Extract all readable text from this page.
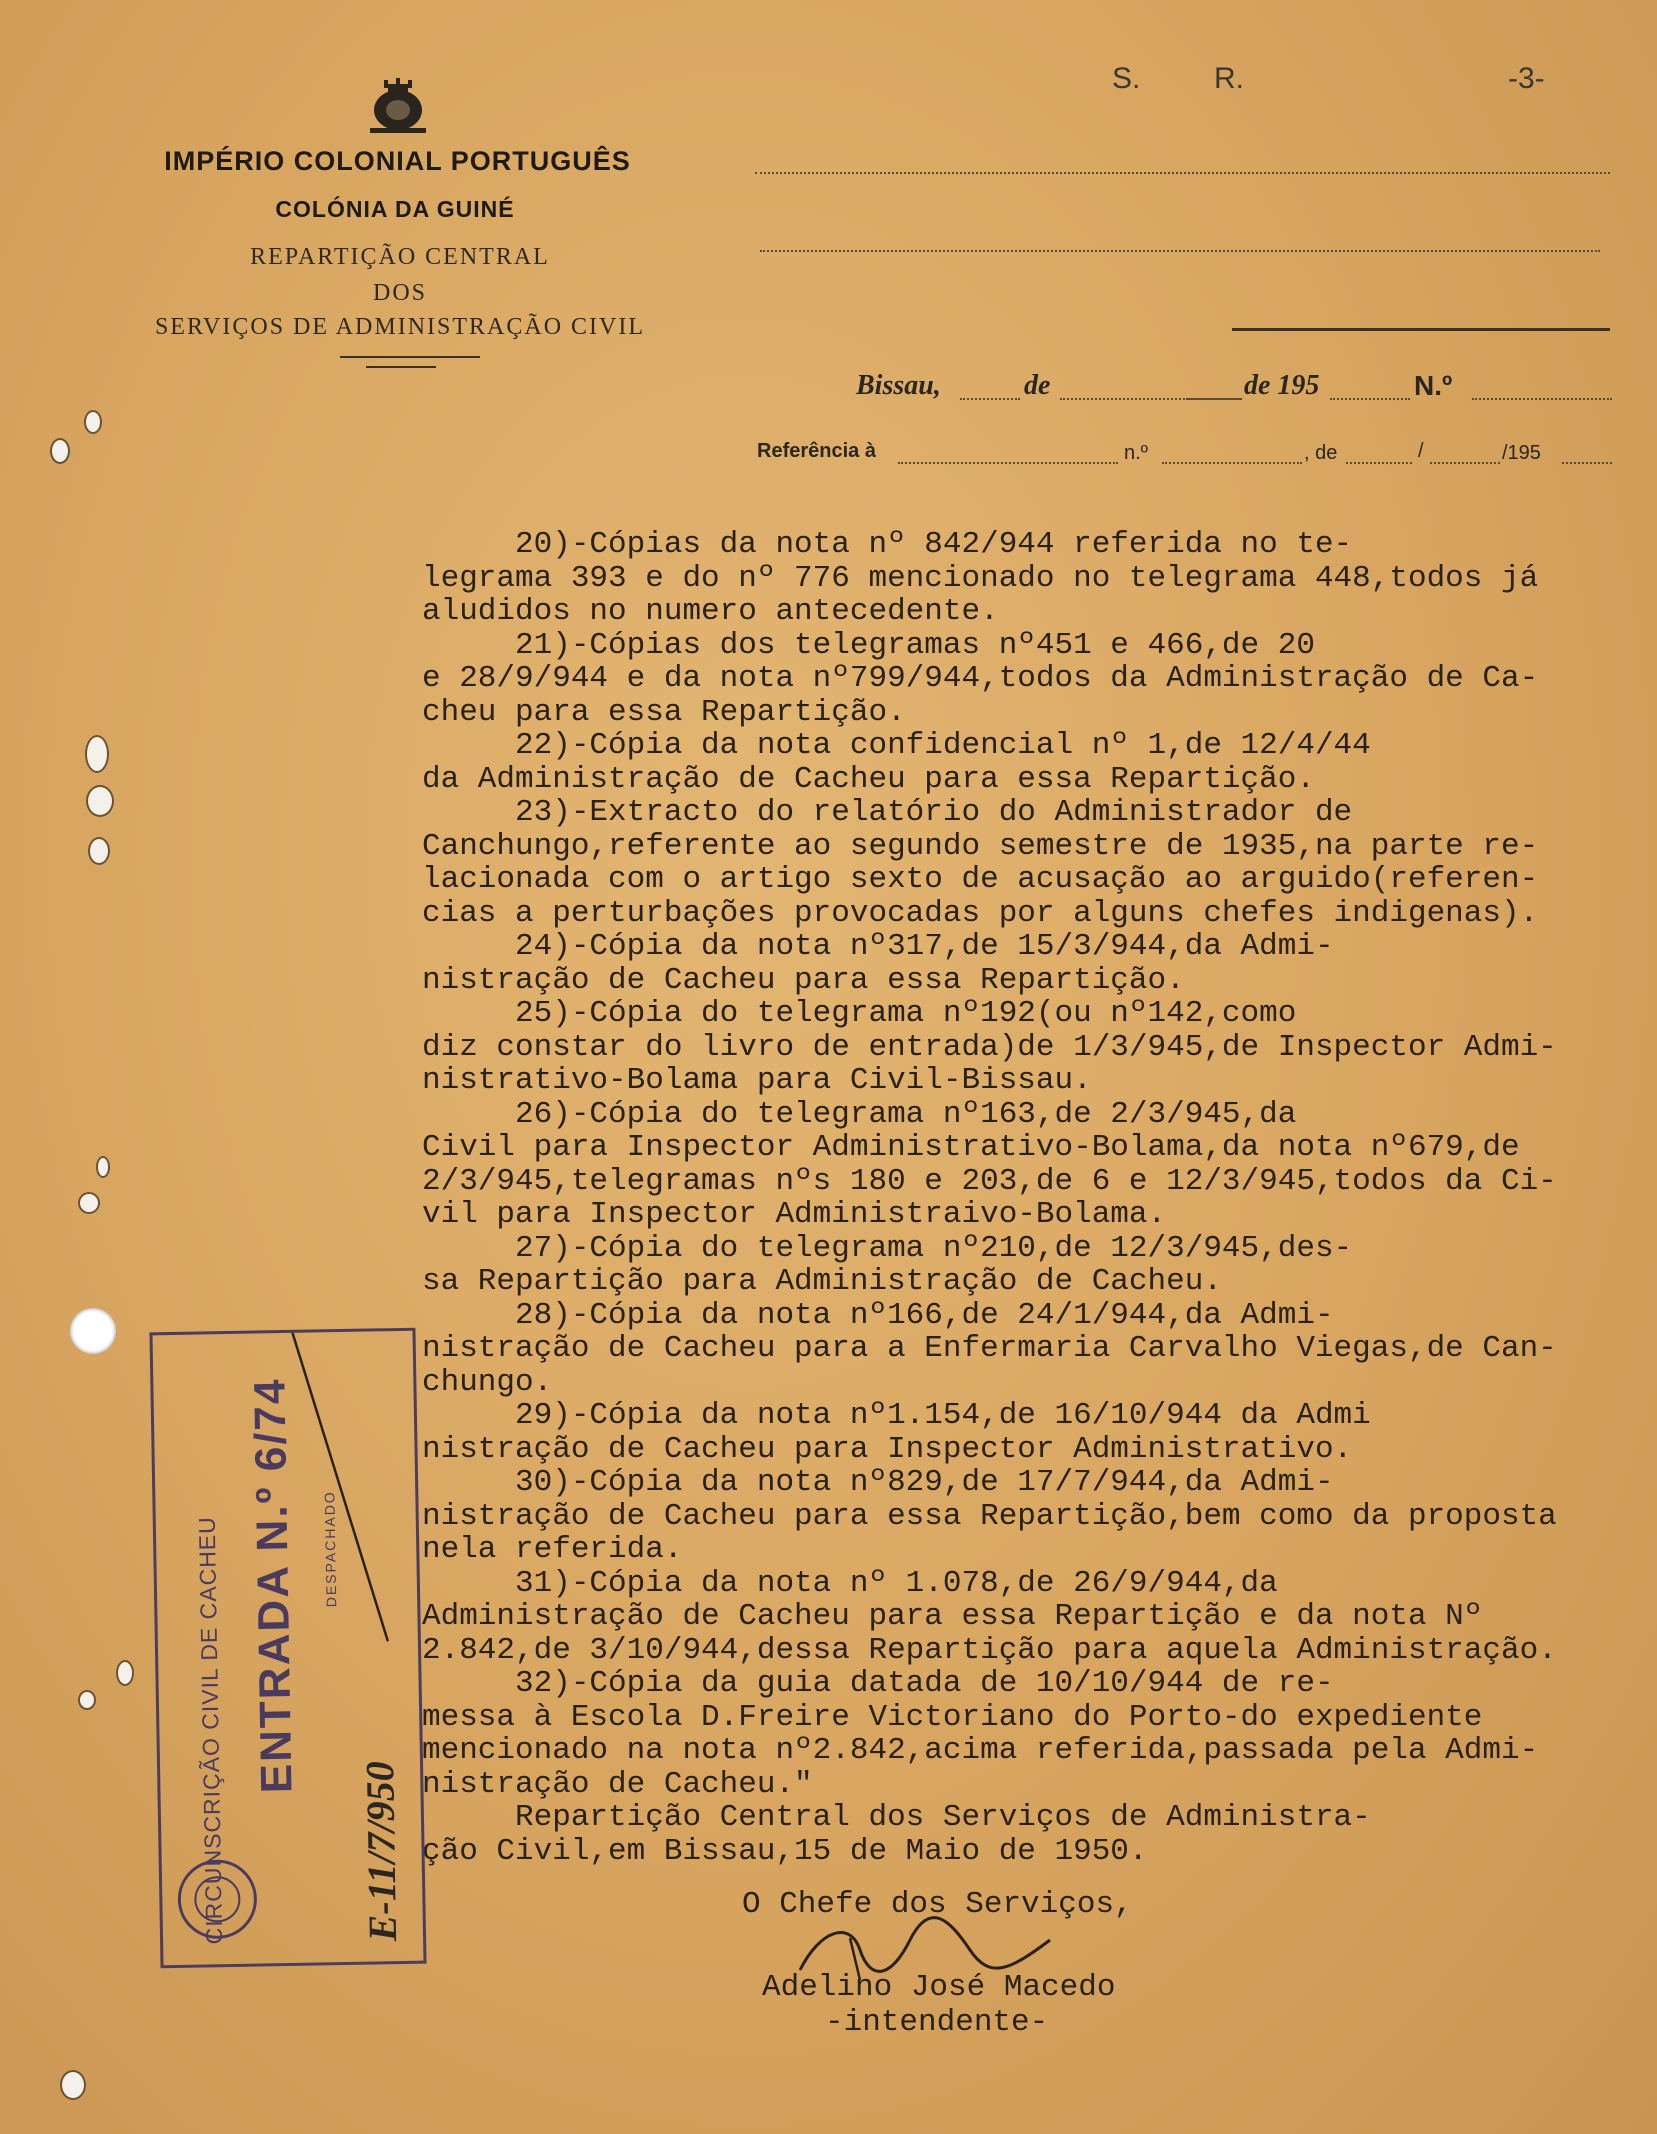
IMPÉRIO COLONIAL PORTUGUÊS
COLÓNIA DA GUINÉ
REPARTIÇÃO CENTRAL
DOS
SERVIÇOS DE ADMINISTRAÇÃO CIVIL
S. R.	-3-
Bissau,	de	de 195	N.º
Referência à	n.º	, de	/	/195
20)-Cópias da nota nº 842/944 referida no te-
legrama 393 e do nº 776 mencionado no telegrama 448,todos já
aludidos no numero antecedente.
21)-Cópias dos telegramas nº451 e 466,de 20
e 28/9/944 e da nota nº799/944,todos da Administração de Ca-
cheu para essa Repartição.
22)-Cópia da nota confidencial nº 1,de 12/4/44
da Administração de Cacheu para essa Repartição.
23)-Extracto do relatório do Administrador de
Canchungo,referente ao segundo semestre de 1935,na parte re-
lacionada com o artigo sexto de acusação ao arguido(referen-
cias a perturbações provocadas por alguns chefes indigenas).
24)-Cópia da nota nº317,de 15/3/944,da Admi-
nistração de Cacheu para essa Repartição.
25)-Cópia do telegrama nº192(ou nº142,como
diz constar do livro de entrada)de 1/3/945,de Inspector Admi-
nistrativo-Bolama para Civil-Bissau.
26)-Cópia do telegrama nº163,de 2/3/945,da
Civil para Inspector Administrativo-Bolama,da nota nº679,de
2/3/945,telegramas nºs 180 e 203,de 6 e 12/3/945,todos da Ci-
vil para Inspector Administraivo-Bolama.
27)-Cópia do telegrama nº210,de 12/3/945,des-
sa Repartição para Administração de Cacheu.
28)-Cópia da nota nº166,de 24/1/944,da Admi-
nistração de Cacheu para a Enfermaria Carvalho Viegas,de Can-
chungo.
29)-Cópia da nota nº1.154,de 16/10/944 da Admi
nistração de Cacheu para Inspector Administrativo.
30)-Cópia da nota nº829,de 17/7/944,da Admi-
nistração de Cacheu para essa Repartição,bem como da proposta
nela referida.
31)-Cópia da nota nº 1.078,de 26/9/944,da
Administração de Cacheu para essa Repartição e da nota Nº
2.842,de 3/10/944,dessa Repartição para aquela Administração.
32)-Cópia da guia datada de 10/10/944 de re-
messa à Escola D.Freire Victoriano do Porto-do expediente
mencionado na nota nº2.842,acima referida,passada pela Admi-
nistração de Cacheu."
Repartição Central dos Serviços de Administra-
ção Civil,em Bissau,15 de Maio de 1950.
O Chefe dos Serviços,
Adelino José Macedo
-intendente-
CIRCUNSCRIÇÃO CIVIL DE CACHEU ENTRADA N.º 6/74 DESPACHADO
E-11/7/950
